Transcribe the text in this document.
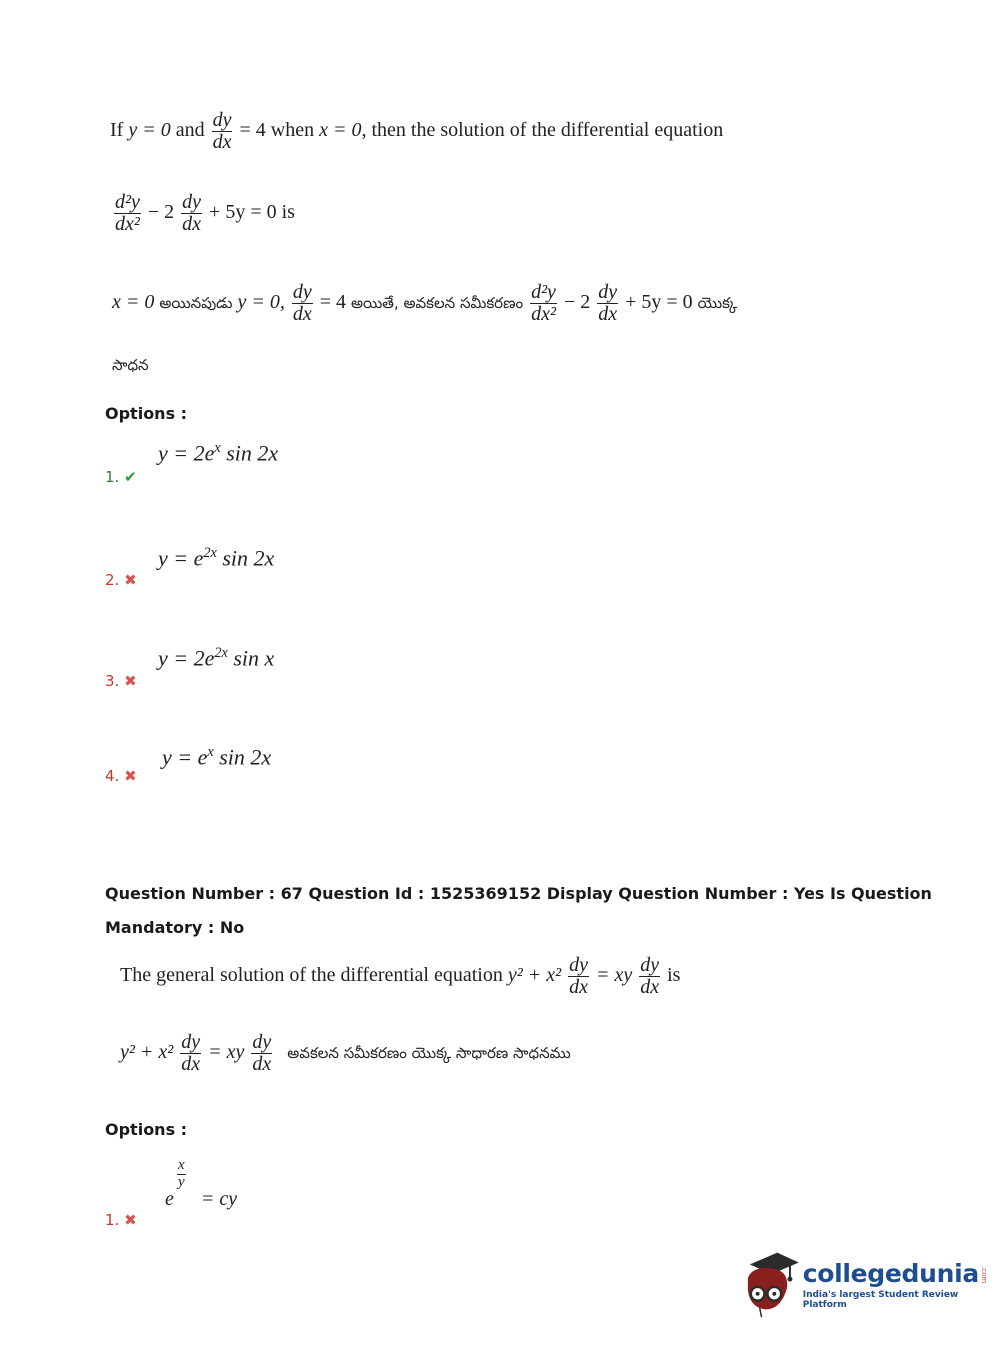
If y = 0 and $\frac{dy}{dx} = 4$ when x = 0, then the solution of the differential equation
$\frac{\text{d²y}}{\text{dx²}} - 2 \frac{dy}{dx} + 5y = 0$ is
x = 0 అయినపుడు y = 0, $\frac{dy}{dx} = 4$ అయితే, అవకలన సమీకరణం $\frac{\text{d²y}}{\text{dx²}} - 2 \frac{dy}{dx} + 5y = 0$ యొక్క
సాధన
Options :
$y = 2e^x$ sin 2x
1. ✔
$y = e^{2x}$ sin 2x
2. ✖
$y = 2e^{2x}$ sin x
3. ✖
$y = e^x$ sin 2x
4. ✖
Question Number : 67 Question Id : 1525369152 Display Question Number : Yes Is Question
Mandatory : No
The general solution of the differential equation $y^2 + x^2 \frac{dy}{dx}$ = xy $\frac{dy}{dx}$ is
$y^2 + x^2 \frac{dy}{dx}$ = xy $\frac{dy}{dx}$ అవకలన సమీకరణం యొక్క సాధారణ సాధనము
Options :
$\frac{x}{y}$
e = cy
1. ✖
collegedunia .com
India's largest Student Review Platform
